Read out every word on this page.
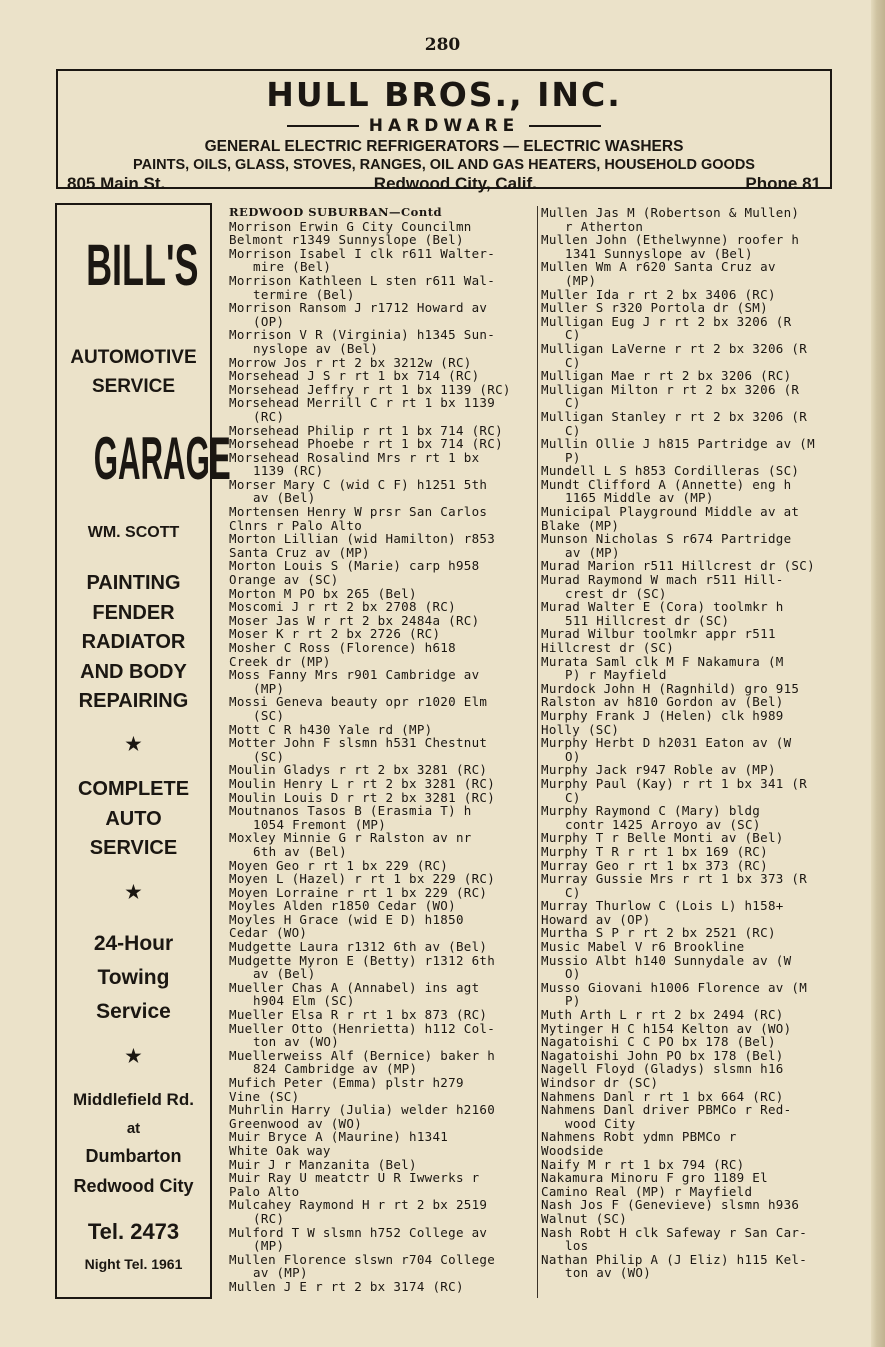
280
HULL BROS., INC.
HARDWARE
GENERAL ELECTRIC REFRIGERATORS — ELECTRIC WASHERS
PAINTS, OILS, GLASS, STOVES, RANGES, OIL AND GAS HEATERS, HOUSEHOLD GOODS
805 Main St.	Redwood City, Calif.	Phone 81
BILL'S
AUTOMOTIVE
SERVICE
GARAGE
WM. SCOTT
PAINTING
FENDER
RADIATOR
AND BODY
REPAIRING
★
COMPLETE
AUTO
SERVICE
★
24-Hour
Towing
Service
★
Middlefield Rd.
at
Dumbarton
Redwood City
Tel. 2473
Night Tel. 1961
REDWOOD SUBURBAN—Contd
Morrison Erwin G City Councilmn
Belmont r1349 Sunnyslope (Bel)
Morrison Isabel I clk r611 Walter-
mire (Bel)
Morrison Kathleen L sten r611 Wal-
termire (Bel)
Morrison Ransom J r1712 Howard av
(OP)
Morrison V R (Virginia) h1345 Sun-
nyslope av (Bel)
Morrow Jos r rt 2 bx 3212w (RC)
Morsehead J S r rt 1 bx 714 (RC)
Morsehead Jeffry r rt 1 bx 1139 (RC)
Morsehead Merrill C r rt 1 bx 1139
(RC)
Morsehead Philip r rt 1 bx 714 (RC)
Morsehead Phoebe r rt 1 bx 714 (RC)
Morsehead Rosalind Mrs r rt 1 bx
1139 (RC)
Morser Mary C (wid C F) h1251 5th
av (Bel)
Mortensen Henry W prsr San Carlos
Clnrs r Palo Alto
Morton Lillian (wid Hamilton) r853
Santa Cruz av (MP)
Morton Louis S (Marie) carp h958
Orange av (SC)
Morton M PO bx 265 (Bel)
Moscomi J r rt 2 bx 2708 (RC)
Moser Jas W r rt 2 bx 2484a (RC)
Moser K r rt 2 bx 2726 (RC)
Mosher C Ross (Florence) h618
Creek dr (MP)
Moss Fanny Mrs r901 Cambridge av
(MP)
Mossi Geneva beauty opr r1020 Elm
(SC)
Mott C R h430 Yale rd (MP)
Motter John F slsmn h531 Chestnut
(SC)
Moulin Gladys r rt 2 bx 3281 (RC)
Moulin Henry L r rt 2 bx 3281 (RC)
Moulin Louis D r rt 2 bx 3281 (RC)
Moutnanos Tasos B (Erasmia T) h
1054 Fremont (MP)
Moxley Minnie G r Ralston av nr
6th av (Bel)
Moyen Geo r rt 1 bx 229 (RC)
Moyen L (Hazel) r rt 1 bx 229 (RC)
Moyen Lorraine r rt 1 bx 229 (RC)
Moyles Alden r1850 Cedar (WO)
Moyles H Grace (wid E D) h1850
Cedar (WO)
Mudgette Laura r1312 6th av (Bel)
Mudgette Myron E (Betty) r1312 6th
av (Bel)
Mueller Chas A (Annabel) ins agt
h904 Elm (SC)
Mueller Elsa R r rt 1 bx 873 (RC)
Mueller Otto (Henrietta) h112 Col-
ton av (WO)
Muellerweiss Alf (Bernice) baker h
824 Cambridge av (MP)
Mufich Peter (Emma) plstr h279
Vine (SC)
Muhrlin Harry (Julia) welder h2160
Greenwood av (WO)
Muir Bryce A (Maurine) h1341
White Oak way
Muir J r Manzanita (Bel)
Muir Ray U meatctr U R Iwwerks r
Palo Alto
Mulcahey Raymond H r rt 2 bx 2519
(RC)
Mulford T W slsmn h752 College av
(MP)
Mullen Florence slswn r704 College
av (MP)
Mullen J E r rt 2 bx 3174 (RC)
Mullen Jas M (Robertson & Mullen)
r Atherton
Mullen John (Ethelwynne) roofer h
1341 Sunnyslope av (Bel)
Mullen Wm A r620 Santa Cruz av
(MP)
Muller Ida r rt 2 bx 3406 (RC)
Muller S r320 Portola dr (SM)
Mulligan Eug J r rt 2 bx 3206 (R
C)
Mulligan LaVerne r rt 2 bx 3206 (R
C)
Mulligan Mae r rt 2 bx 3206 (RC)
Mulligan Milton r rt 2 bx 3206 (R
C)
Mulligan Stanley r rt 2 bx 3206 (R
C)
Mullin Ollie J h815 Partridge av (M
P)
Mundell L S h853 Cordilleras (SC)
Mundt Clifford A (Annette) eng h
1165 Middle av (MP)
Municipal Playground Middle av at
Blake (MP)
Munson Nicholas S r674 Partridge
av (MP)
Murad Marion r511 Hillcrest dr (SC)
Murad Raymond W mach r511 Hill-
crest dr (SC)
Murad Walter E (Cora) toolmkr h
511 Hillcrest dr (SC)
Murad Wilbur toolmkr appr r511
Hillcrest dr (SC)
Murata Saml clk M F Nakamura (M
P) r Mayfield
Murdock John H (Ragnhild) gro 915
Ralston av h810 Gordon av (Bel)
Murphy Frank J (Helen) clk h989
Holly (SC)
Murphy Herbt D h2031 Eaton av (W
O)
Murphy Jack r947 Roble av (MP)
Murphy Paul (Kay) r rt 1 bx 341 (R
C)
Murphy Raymond C (Mary) bldg
contr 1425 Arroyo av (SC)
Murphy T r Belle Monti av (Bel)
Murphy T R r rt 1 bx 169 (RC)
Murray Geo r rt 1 bx 373 (RC)
Murray Gussie Mrs r rt 1 bx 373 (R
C)
Murray Thurlow C (Lois L) h158+
Howard av (OP)
Murtha S P r rt 2 bx 2521 (RC)
Music Mabel V r6 Brookline
Mussio Albt h140 Sunnydale av (W
O)
Musso Giovani h1006 Florence av (M
P)
Muth Arth L r rt 2 bx 2494 (RC)
Mytinger H C h154 Kelton av (WO)
Nagatoishi C C PO bx 178 (Bel)
Nagatoishi John PO bx 178 (Bel)
Nagell Floyd (Gladys) slsmn h16
Windsor dr (SC)
Nahmens Danl r rt 1 bx 664 (RC)
Nahmens Danl driver PBMCo r Red-
wood City
Nahmens Robt ydmn PBMCo r
Woodside
Naify M r rt 1 bx 794 (RC)
Nakamura Minoru F gro 1189 El
Camino Real (MP) r Mayfield
Nash Jos F (Genevieve) slsmn h936
Walnut (SC)
Nash Robt H clk Safeway r San Car-
los
Nathan Philip A (J Eliz) h115 Kel-
ton av (WO)
